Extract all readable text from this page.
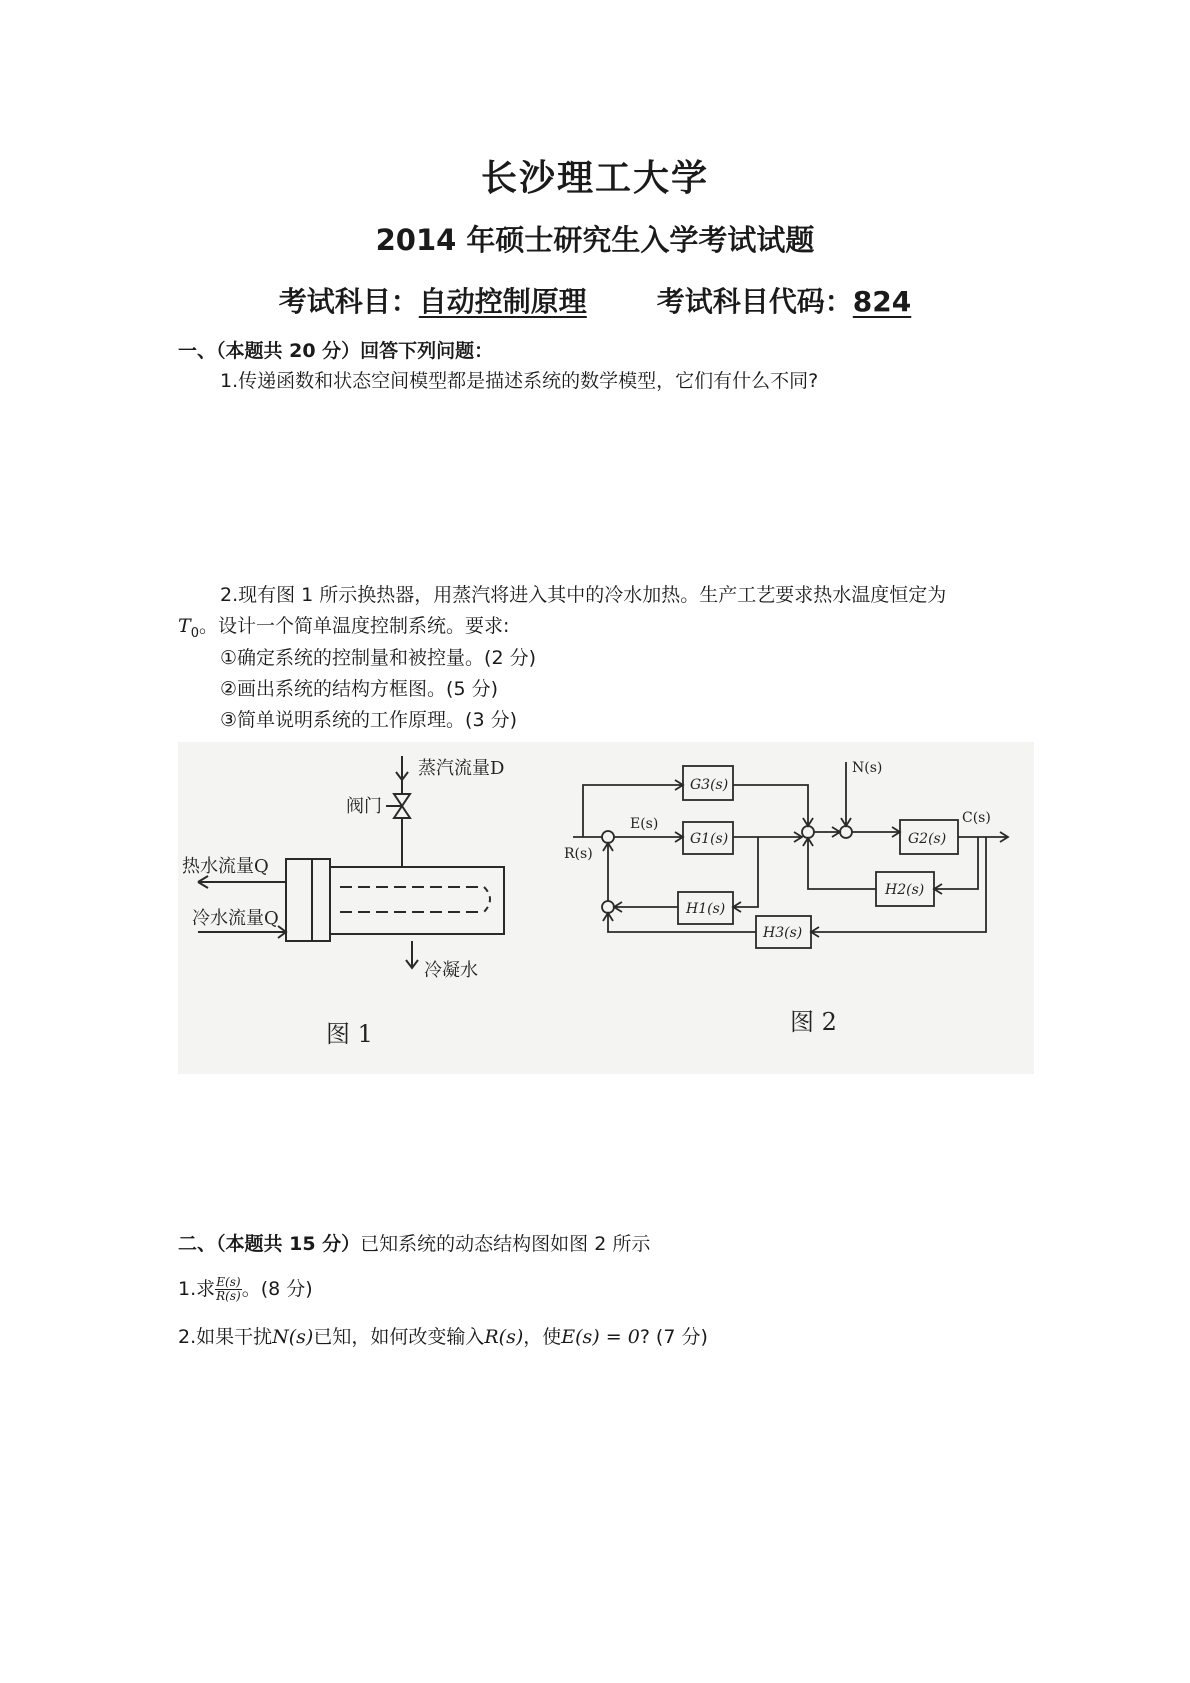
长沙理工大学
2014 年硕士研究生入学考试试题
考试科目：自动控制原理	考试科目代码：824
一、（本题共 20 分）回答下列问题：
1.传递函数和状态空间模型都是描述系统的数学模型，它们有什么不同?
2.现有图 1 所示换热器，用蒸汽将进入其中的冷水加热。生产工艺要求热水温度恒定为
$T_0$。设计一个简单温度控制系统。要求:
①确定系统的控制量和被控量。(2 分)
②画出系统的结构方框图。(5 分)
③简单说明系统的工作原理。(3 分)
蒸汽流量D
阀门
热水流量Q
冷水流量Q
冷凝水
图 1
G3(s)
G1(s)	G2(s)
H1(s)
H2(s)
H3(s)
R(s)
E(s)
N(s)
C(s)
图 2
二、（本题共 15 分）已知系统的动态结构图如图 2 所示
1.求 $\frac{E(s)}{R(s)}$ 。(8 分)
2.如果干扰N(s)已知，如何改变输入R(s)，使E(s) = 0? (7 分)
